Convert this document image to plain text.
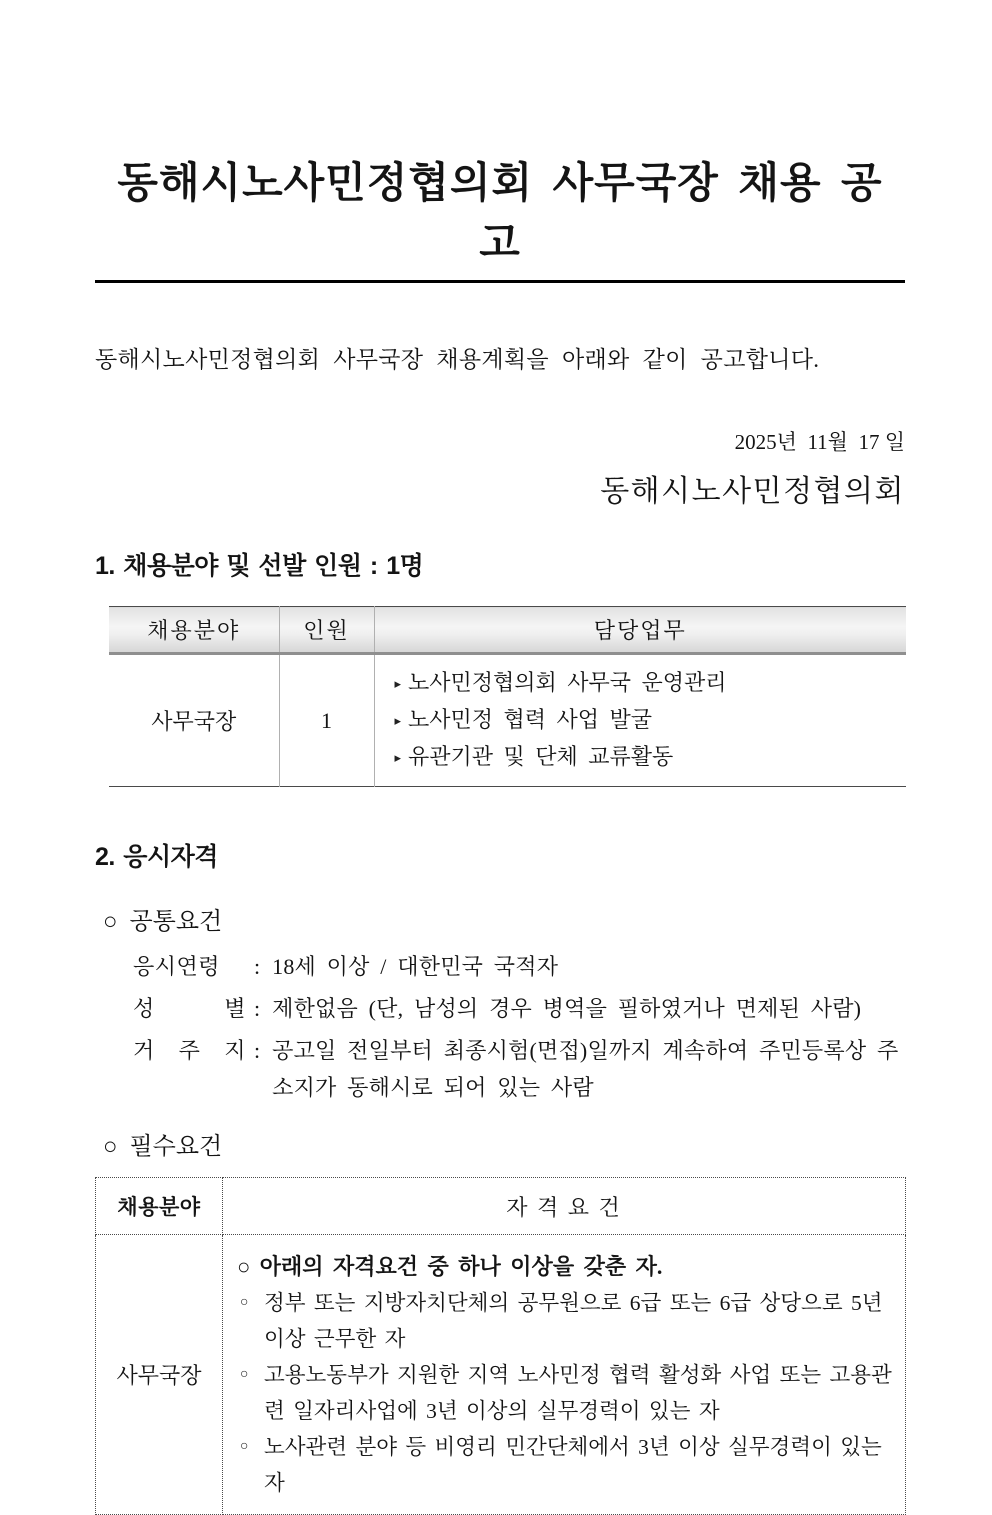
동해시노사민정협의회 사무국장 채용 공고

동해시노사민정협의회 사무국장 채용계획을 아래와 같이 공고합니다.

2025년  11월  17 일

동해시노사민정협의회

1. 채용분야 및 선발 인원 : 1명
채용분야	인원	담당업무
사무국장	1	▸ 노사민정협의회 사무국 운영관리
▸ 노사민정 협력 사업 발굴
▸ 유관기관 및 단체 교류활동
2. 응시자격
○ 공통요건
응시연령	: 18세 이상 / 대한민국 국적자
성 별 : 제한없음 (단, 남성의 경우 병역을 필하였거나 면제된 사람)
거 주 지 : 공고일 전일부터 최종시험(면접)일까지 계속하여 주민등록상 주소지가 동해시로 되어 있는 사람
○ 필수요건
채용분야	자 격 요 건
사무국장	
○ 아래의 자격요건 중 하나 이상을 갖춘 자.
○ 정부 또는 지방자치단체의 공무원으로 6급 또는 6급 상당으로 5년 이상 근무한 자
○ 고용노동부가 지원한 지역 노사민정 협력 활성화 사업 또는 고용관련 일자리사업에 3년 이상의 실무경력이 있는 자
○ 노사관련 분야 등 비영리 민간단체에서 3년 이상 실무경력이 있는 자
